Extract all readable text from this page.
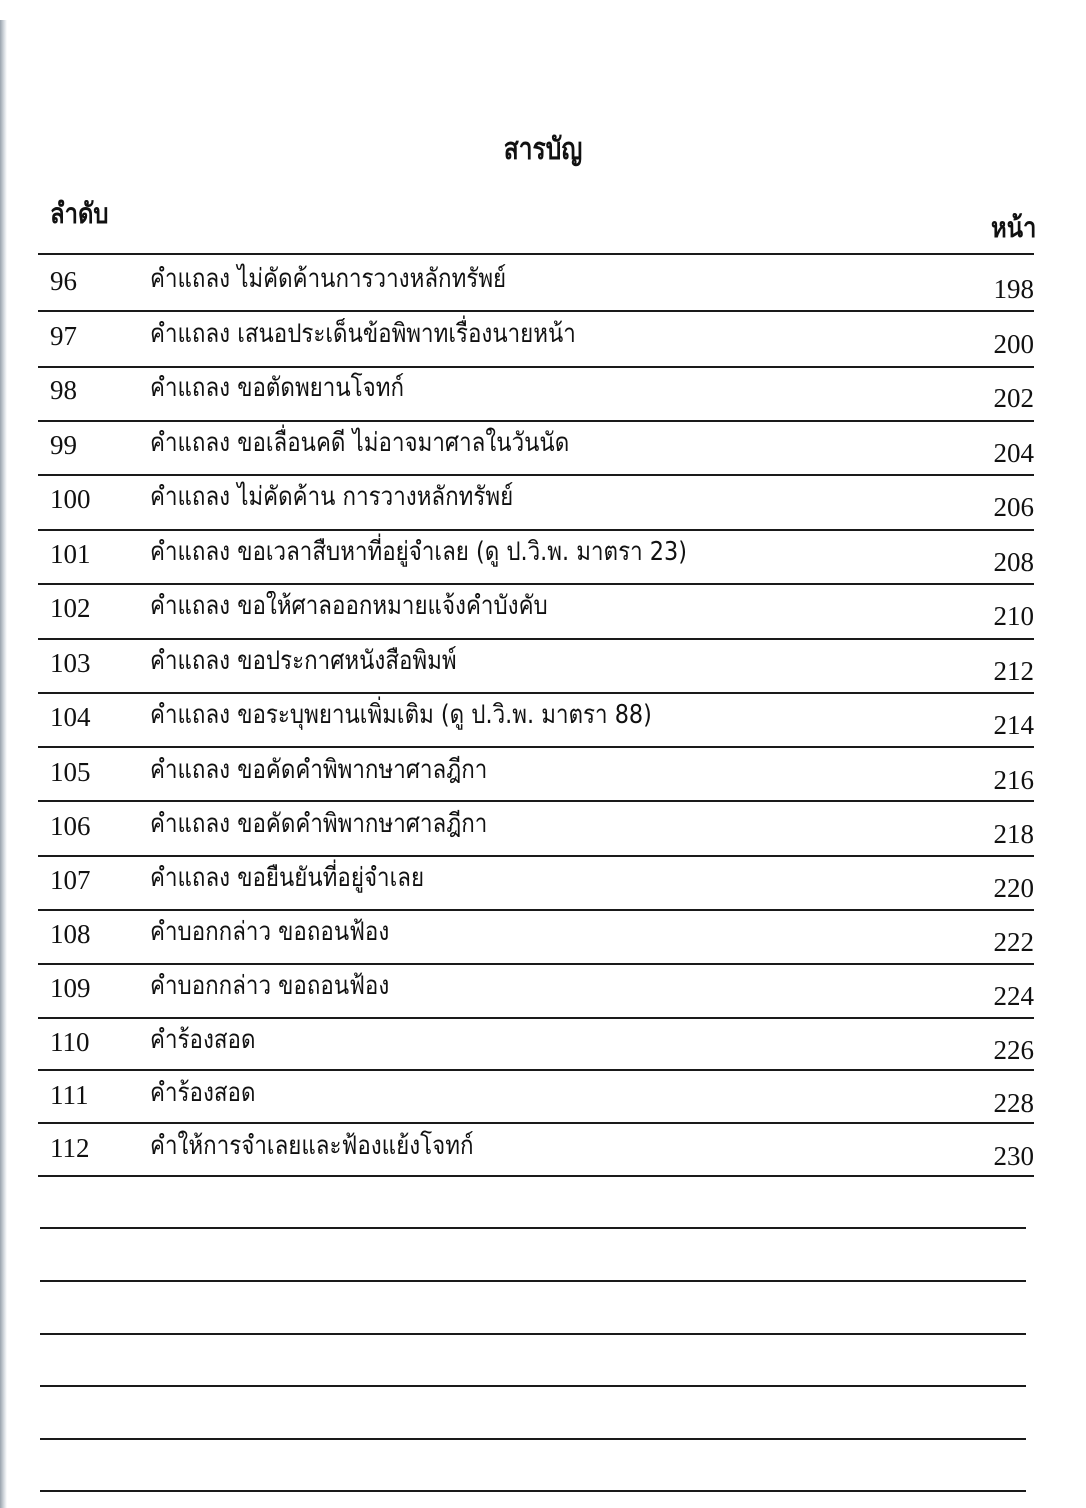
สารบัญ
ลำดับ	หน้า
96	คำแถลง ไม่คัดค้านการวางหลักทรัพย์	198
97	คำแถลง เสนอประเด็นข้อพิพาทเรื่องนายหน้า	200
98	คำแถลง ขอตัดพยานโจทก์	202
99	คำแถลง ขอเลื่อนคดี ไม่อาจมาศาลในวันนัด	204
100 คำแถลง ไม่คัดค้าน การวางหลักทรัพย์	206
101 คำแถลง ขอเวลาสืบหาที่อยู่จำเลย (ดู ป.วิ.พ. มาตรา 23)	208
102 คำแถลง ขอให้ศาลออกหมายแจ้งคำบังคับ	210
103 คำแถลง ขอประกาศหนังสือพิมพ์	212
104 คำแถลง ขอระบุพยานเพิ่มเติม (ดู ป.วิ.พ. มาตรา 88)	214
105 คำแถลง ขอคัดคำพิพากษาศาลฎีกา	216
106 คำแถลง ขอคัดคำพิพากษาศาลฎีกา	218
107 คำแถลง ขอยืนยันที่อยู่จำเลย	220
108 คำบอกกล่าว ขอถอนฟ้อง	222
109 คำบอกกล่าว ขอถอนฟ้อง	224
110 คำร้องสอด	226
111 คำร้องสอด	228
112 คำให้การจำเลยและฟ้องแย้งโจทก์	230
